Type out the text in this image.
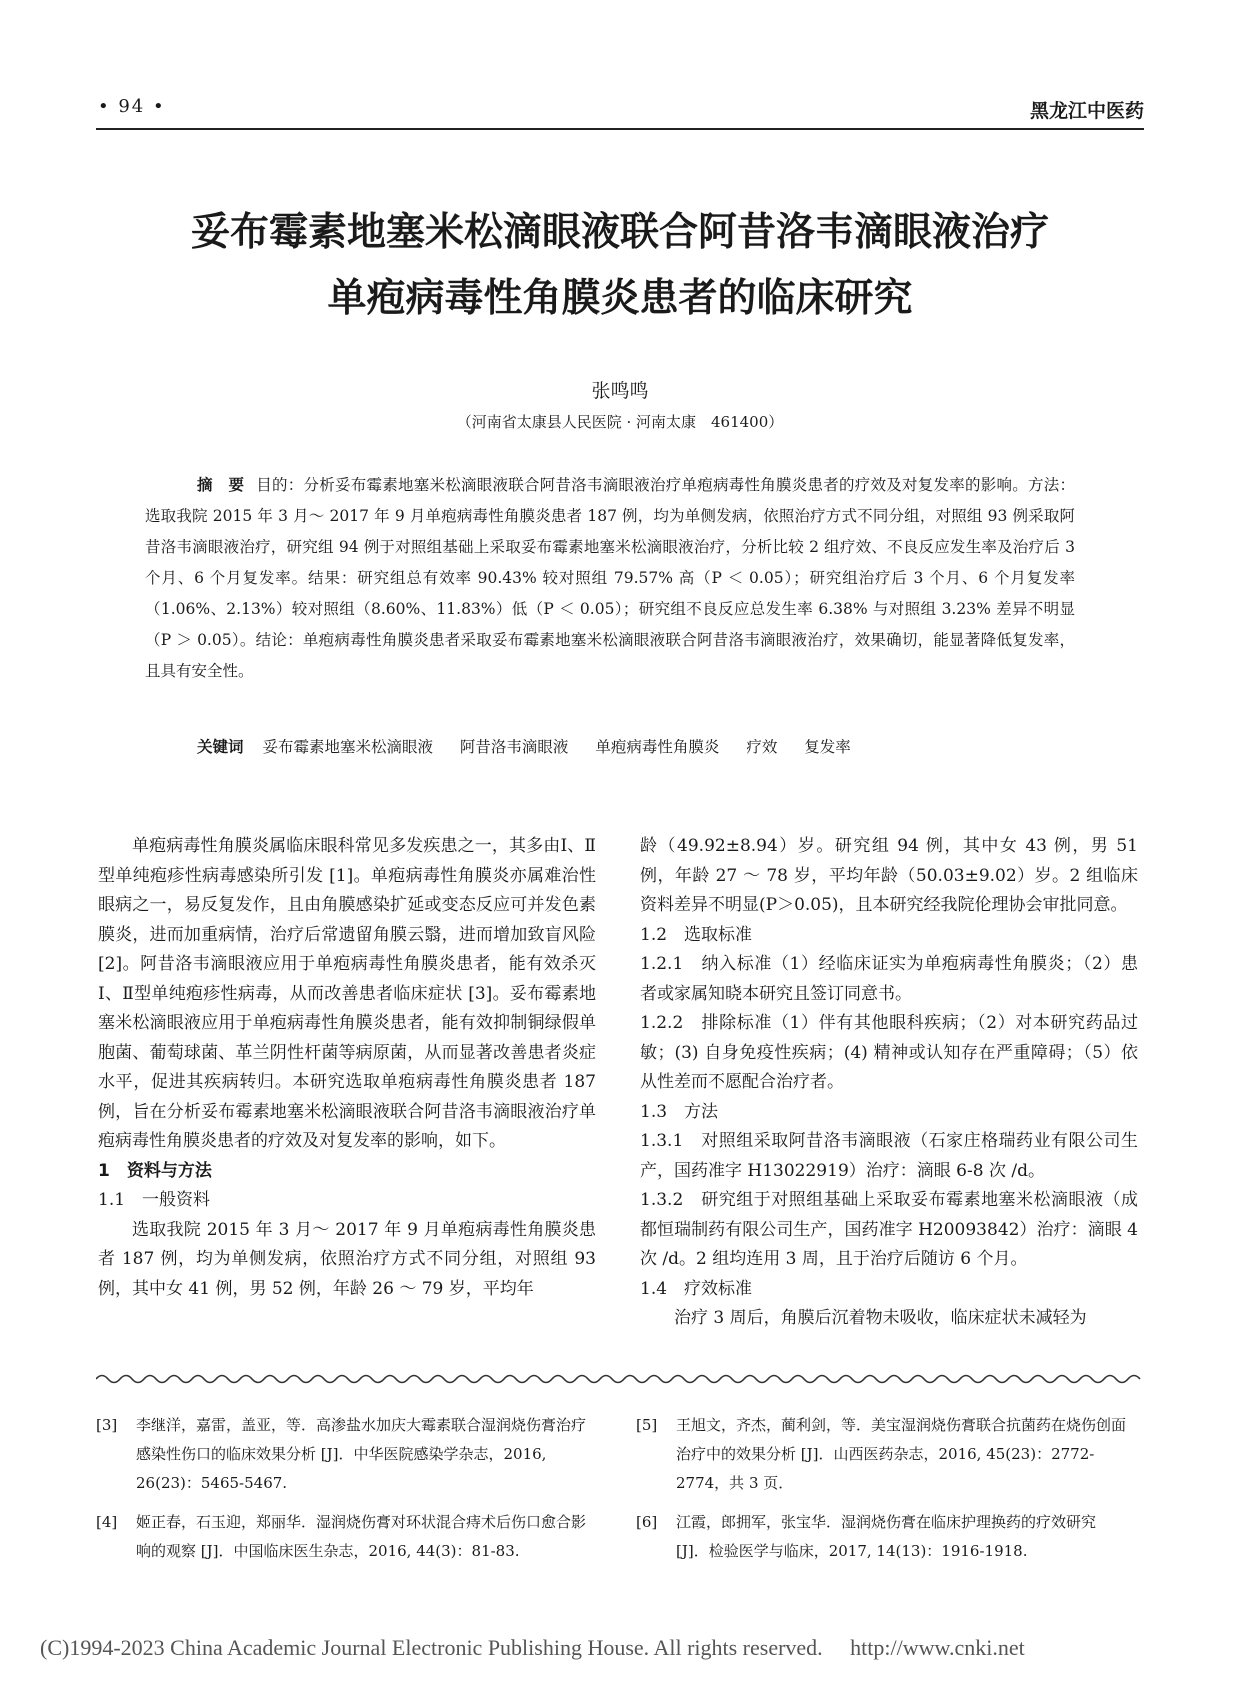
• 94 •	黑龙江中医药
妥布霉素地塞米松滴眼液联合阿昔洛韦滴眼液治疗
单疱病毒性角膜炎患者的临床研究
张鸣鸣
（河南省太康县人民医院 · 河南太康　461400）
摘　要 目的：分析妥布霉素地塞米松滴眼液联合阿昔洛韦滴眼液治疗单疱病毒性角膜炎患者的疗效及对复发率的影响。方法：选取我院 2015 年 3 月～ 2017 年 9 月单疱病毒性角膜炎患者 187 例，均为单侧发病，依照治疗方式不同分组，对照组 93 例采取阿昔洛韦滴眼液治疗，研究组 94 例于对照组基础上采取妥布霉素地塞米松滴眼液治疗，分析比较 2 组疗效、不良反应发生率及治疗后 3 个月、6 个月复发率。结果：研究组总有效率 90.43% 较对照组 79.57% 高（P ＜ 0.05）；研究组治疗后 3 个月、6 个月复发率（1.06%、2.13%）较对照组（8.60%、11.83%）低（P ＜ 0.05）；研究组不良反应总发生率 6.38% 与对照组 3.23% 差异不明显（P ＞ 0.05）。结论：单疱病毒性角膜炎患者采取妥布霉素地塞米松滴眼液联合阿昔洛韦滴眼液治疗，效果确切，能显著降低复发率，且具有安全性。
关键词 妥布霉素地塞米松滴眼液 阿昔洛韦滴眼液 单疱病毒性角膜炎 疗效 复发率

单疱病毒性角膜炎属临床眼科常见多发疾患之一，其多由Ⅰ、Ⅱ型单纯疱疹性病毒感染所引发 [1]。单疱病毒性角膜炎亦属难治性眼病之一，易反复发作，且由角膜感染扩延或变态反应可并发色素膜炎，进而加重病情，治疗后常遗留角膜云翳，进而增加致盲风险 [2]。阿昔洛韦滴眼液应用于单疱病毒性角膜炎患者，能有效杀灭Ⅰ、Ⅱ型单纯疱疹性病毒，从而改善患者临床症状 [3]。妥布霉素地塞米松滴眼液应用于单疱病毒性角膜炎患者，能有效抑制铜绿假单胞菌、葡萄球菌、革兰阴性杆菌等病原菌，从而显著改善患者炎症水平，促进其疾病转归。本研究选取单疱病毒性角膜炎患者 187 例，旨在分析妥布霉素地塞米松滴眼液联合阿昔洛韦滴眼液治疗单疱病毒性角膜炎患者的疗效及对复发率的影响，如下。

1　资料与方法

1.1　一般资料

选取我院 2015 年 3 月～ 2017 年 9 月单疱病毒性角膜炎患者 187 例，均为单侧发病，依照治疗方式不同分组，对照组 93 例，其中女 41 例，男 52 例，年龄 26 ～ 79 岁，平均年

龄（49.92±8.94）岁。研究组 94 例，其中女 43 例，男 51 例，年龄 27 ～ 78 岁，平均年龄（50.03±9.02）岁。2 组临床资料差异不明显(P＞0.05)，且本研究经我院伦理协会审批同意。

1.2　选取标准

1.2.1　纳入标准（1）经临床证实为单疱病毒性角膜炎；（2）患者或家属知晓本研究且签订同意书。

1.2.2　排除标准（1）伴有其他眼科疾病；（2）对本研究药品过敏；(3) 自身免疫性疾病；(4) 精神或认知存在严重障碍；（5）依从性差而不愿配合治疗者。

1.3　方法

1.3.1　对照组采取阿昔洛韦滴眼液（石家庄格瑞药业有限公司生产，国药准字 H13022919）治疗：滴眼 6-8 次 /d。

1.3.2　研究组于对照组基础上采取妥布霉素地塞米松滴眼液（成都恒瑞制药有限公司生产，国药准字 H20093842）治疗：滴眼 4 次 /d。2 组均连用 3 周，且于治疗后随访 6 个月。

1.4　疗效标准

治疗 3 周后，角膜后沉着物未吸收，临床症状未减轻为

[3]	李继洋，嘉雷，盖亚，等．高渗盐水加庆大霉素联合湿润烧伤膏治疗感染性伤口的临床效果分析 [J]．中华医院感染学杂志，2016, 26(23)：5465-5467.
[4]	姬正春，石玉迎，郑丽华．湿润烧伤膏对环状混合痔术后伤口愈合影响的观察 [J]．中国临床医生杂志，2016, 44(3)：81-83.
[5]	王旭文，齐杰，蔺利剑，等．美宝湿润烧伤膏联合抗菌药在烧伤创面治疗中的效果分析 [J]．山西医药杂志，2016, 45(23)：2772-2774，共 3 页．
[6]	江霞，郎拥军，张宝华．湿润烧伤膏在临床护理换药的疗效研究 [J]．检验医学与临床，2017, 14(13)：1916-1918.
(C)1994-2023 China Academic Journal Electronic Publishing House. All rights reserved.　 http://www.cnki.net
